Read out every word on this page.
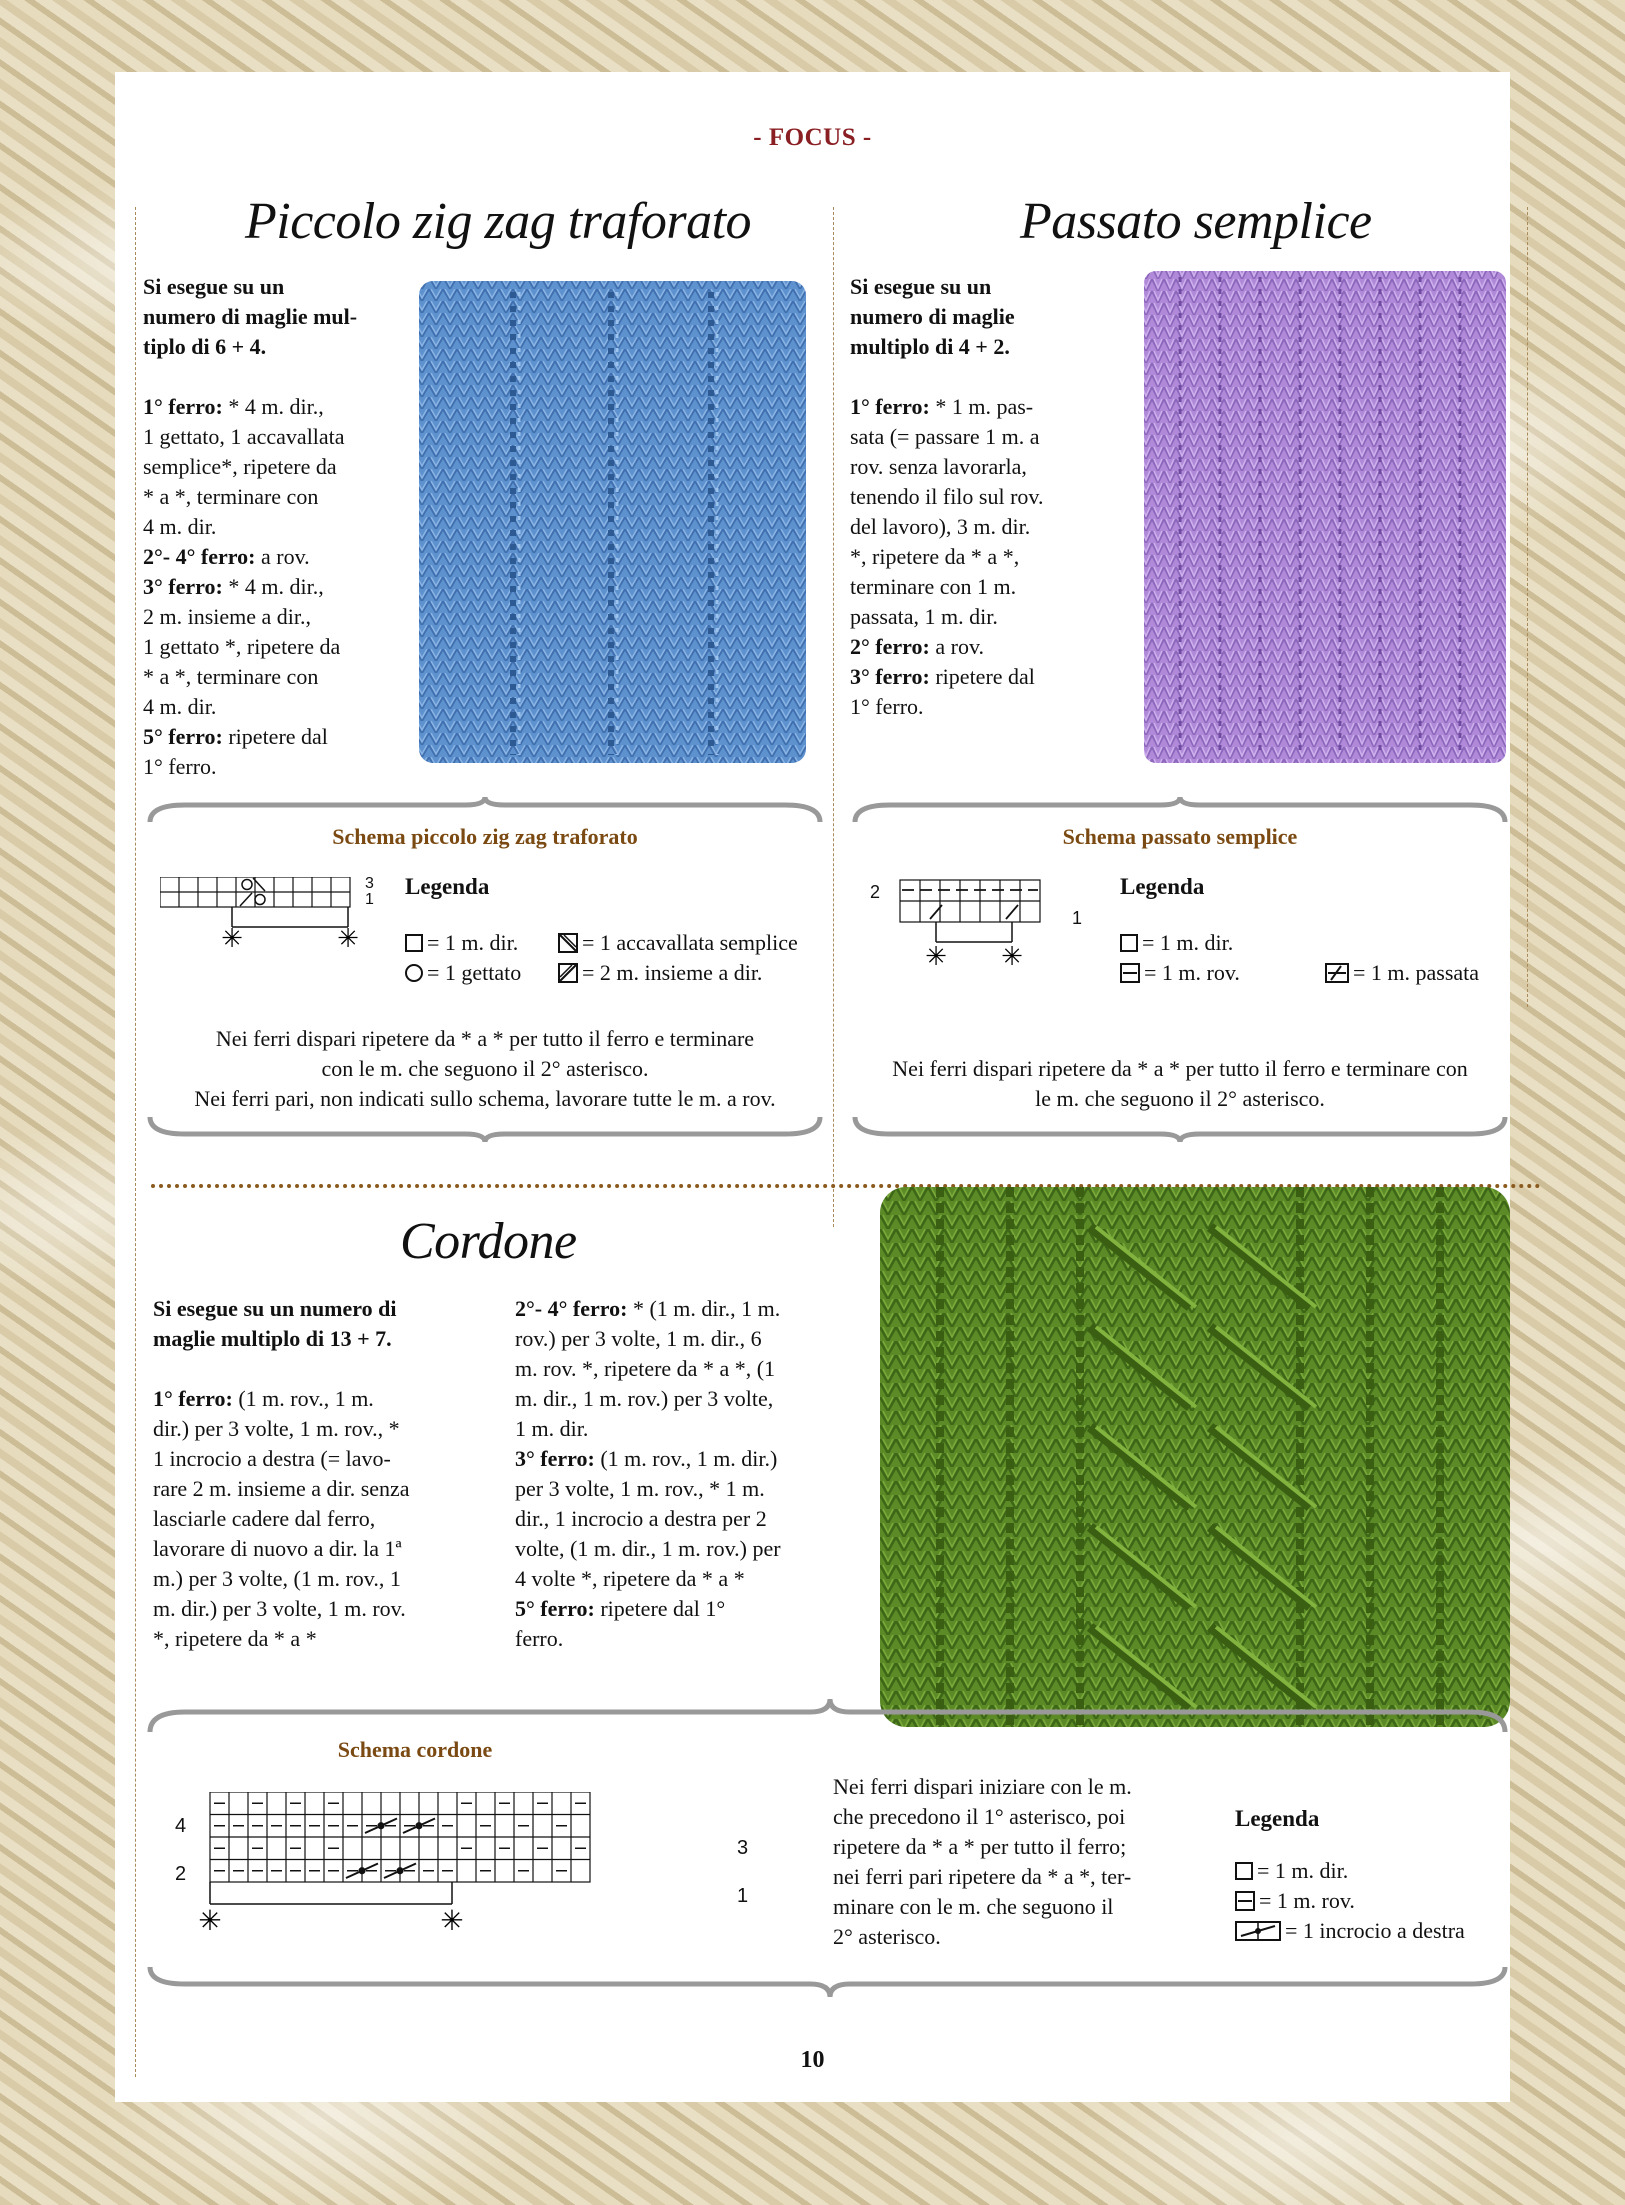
- FOCUS -
Piccolo zig zag traforato
Si esegue su un
numero di maglie mul-
tiplo di 6 + 4.
1° ferro: * 4 m. dir.,
1 gettato, 1 accavallata
semplice*, ripetere da
* a *, terminare con
4 m. dir.
2°- 4° ferro: a rov.
3° ferro: * 4 m. dir.,
2 m. insieme a dir.,
1 gettato *, ripetere da
* a *, terminare con
4 m. dir.
5° ferro: ripetere dal
1° ferro.
Schema piccolo zig zag traforato
✳	✳
3
1
Legenda
= 1 m. dir.
= 1 gettato
= 1 accavallata semplice
= 2 m. insieme a dir.
Nei ferri dispari ripetere da * a * per tutto il ferro e terminare
con le m. che seguono il 2° asterisco.
Nei ferri pari, non indicati sullo schema, lavorare tutte le m. a rov.
Passato semplice
Si esegue su un
numero di maglie
multiplo di 4 + 2.
1° ferro: * 1 m. pas-
sata (= passare 1 m. a
rov. senza lavorarla,
tenendo il filo sul rov.
del lavoro), 3 m. dir.
*, ripetere da * a *,
terminare con 1 m.
passata, 1 m. dir.
2° ferro: a rov.
3° ferro: ripetere dal
1° ferro.
Schema passato semplice
✳ ✳
2
1
Legenda
= 1 m. dir.
= 1 m. rov.	= 1 m. passata
Nei ferri dispari ripetere da * a * per tutto il ferro e terminare con
le m. che seguono il 2° asterisco.
Cordone
Si esegue su un numero di
maglie multiplo di 13 + 7.
1° ferro: (1 m. rov., 1 m.
dir.) per 3 volte, 1 m. rov., *
1 incrocio a destra (= lavo-
rare 2 m. insieme a dir. senza
lasciarle cadere dal ferro,
lavorare di nuovo a dir. la 1ª
m.) per 3 volte, (1 m. rov., 1
m. dir.) per 3 volte, 1 m. rov.
*, ripetere da * a *
2°- 4° ferro: * (1 m. dir., 1 m.
rov.) per 3 volte, 1 m. dir., 6
m. rov. *, ripetere da * a *, (1
m. dir., 1 m. rov.) per 3 volte,
1 m. dir.
3° ferro: (1 m. rov., 1 m. dir.)
per 3 volte, 1 m. rov., * 1 m.
dir., 1 incrocio a destra per 2
volte, (1 m. dir., 1 m. rov.) per
4 volte *, ripetere da * a *
5° ferro: ripetere dal 1°
ferro.
Schema cordone
✳	✳
4
2
3
1
Nei ferri dispari iniziare con le m.
che precedono il 1° asterisco, poi
ripetere da * a * per tutto il ferro;
nei ferri pari ripetere da * a *, ter-
minare con le m. che seguono il
2° asterisco.
Legenda
= 1 m. dir.
= 1 m. rov.
= 1 incrocio a destra
10
